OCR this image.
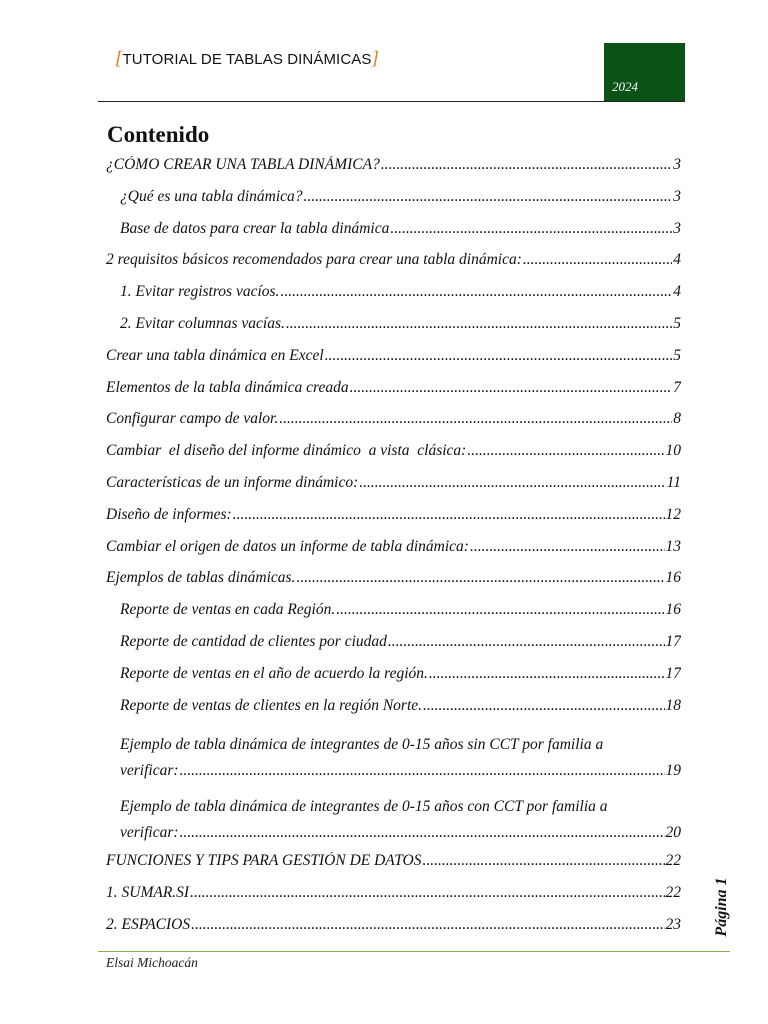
[TUTORIAL DE TABLAS DINÁMICAS]
2024
Contenido
¿CÓMO CREAR UNA TABLA DINÁMICA? .....	3
¿Qué es una tabla dinámica? .....	3
Base de datos para crear la tabla dinámica .....	3
2 requisitos básicos recomendados para crear una tabla dinámica: .....	4
1. Evitar registros vacíos. .....	4
2. Evitar columnas vacías. .....	5
Crear una tabla dinámica en Excel .....	5
Elementos de la tabla dinámica creada .....	7
Configurar campo de valor. .....	8
Cambiar  el diseño del informe dinámico  a vista  clásica: .....	10
Características de un informe dinámico: .....	11
Diseño de informes: .....	12
Cambiar el origen de datos un informe de tabla dinámica: .....	13
Ejemplos de tablas dinámicas. .....	16
Reporte de ventas en cada Región. .....	16
Reporte de cantidad de clientes por ciudad .....	17
Reporte de ventas en el año de acuerdo la región. .....	17
Reporte de ventas de clientes en la región Norte. .....	18
Ejemplo de tabla dinámica de integrantes de 0-15 años sin CCT por familia a
verificar: .....	19
Ejemplo de tabla dinámica de integrantes de 0-15 años con CCT por familia a
verificar: .....	20
FUNCIONES Y TIPS PARA GESTIÓN DE DATOS .....	22
1. SUMAR.SI .....	22
2. ESPACIOS .....	23 Página 1
Elsai Michoacán
